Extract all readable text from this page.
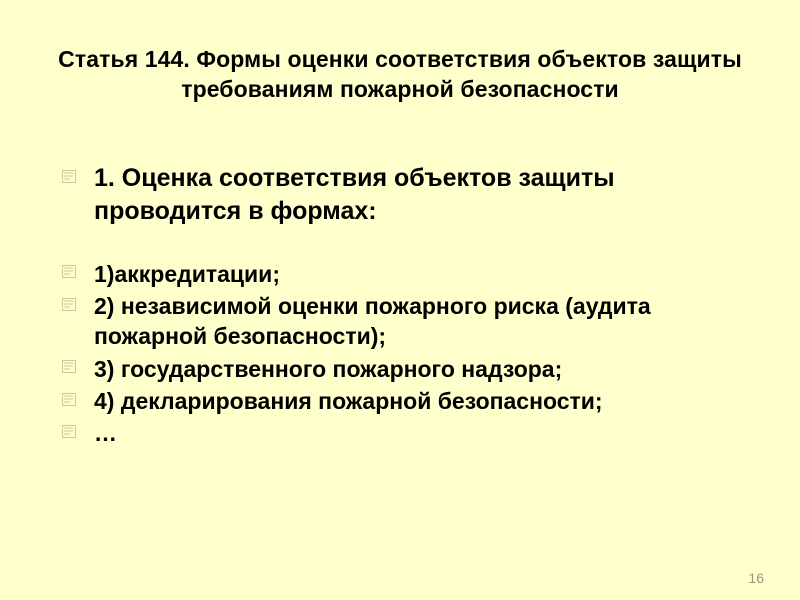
Статья 144. Формы оценки соответствия объектов защиты требованиям пожарной безопасности
1. Оценка соответствия объектов защиты проводится в формах:
1)аккредитации;
2) независимой оценки пожарного риска (аудита пожарной безопасности);
3) государственного пожарного надзора;
4) декларирования пожарной безопасности;
…
16
